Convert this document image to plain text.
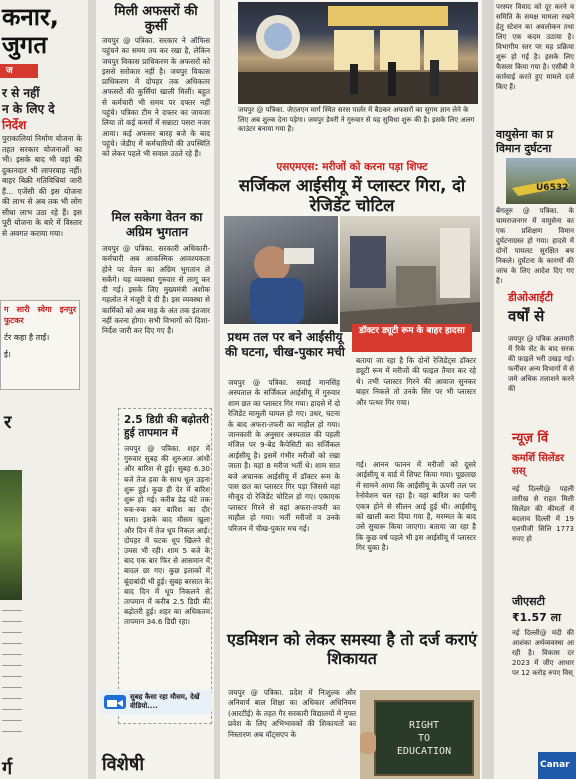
कनार,
जुगत
ज
र से नहीं
न के लिए दे
निर्देश
पुराकालियां निर्माण योजना के तहत सरकार योजनाओं का भी। इसके बाद भी वहां की दुकानदार भी लापरवाह नहीं। बाहर बिक्री गतिविधियां जारी हैं... एजेंसी की इस योजना की लाभ से अब तक भी लोग सीधा लाभ उठा रहे हैं। इस पूरी योजना के बारे में विस्तार से अवगत कराया गया।
ग सारी स्वेगा इनपुर फुटकर
र्टर कहा है ताईं।
ई।
र
र्ग
मिली अफसरों की कुर्सी
जयपुर @ पत्रिका. सरकार ने ऑफिस पहुंचने का समय तय कर रखा है, लेकिन जयपुर विकास प्राधिकरण के अफसरों को इससे सरोकार नहीं है। जयपुर विकास प्राधिकरण में दोपहर तक अधिकतर अफसरों की कुर्सियां खाली मिलीं। बहुत से कर्मचारी भी समय पर दफ्तर नहीं पहुंचे। पत्रिका टीम ने दफ्तर का जायजा लिया तो कई कमरों में सन्नाटा पसरा नजर आया। कई अफसर बारह बजे के बाद पहुंचे। जेडीए में कर्मचारियों की उपस्थिति को लेकर पहले भी सवाल उठते रहे हैं।
मिल सकेगा वेतन का अग्रिम भुगतान
जयपुर @ पत्रिका. सरकारी अधिकारी-कर्मचारी अब आकस्मिक आवश्यकता होने पर वेतन का अग्रिम भुगतान ले सकेंगे। यह व्यवस्था गुरुवार से लागू कर दी गई। इसके लिए मुख्यमंत्री अशोक गहलोत ने मंजूरी दे दी है। इस व्यवस्था से कार्मिकों को अब माह के अंत तक इंतजार नहीं करना होगा। सभी विभागों को दिशा-निर्देश जारी कर दिए गए हैं।
2.5 डिग्री की बढ़ोतरी हुई तापमान में
जयपुर @ पत्रिका. शहर में गुरुवार सुबह की शुरुआत आंधी और बारिश से हुई। सुबह 6.30 बजे तेज हवा के साथ धूल उड़ना शुरू हुई। कुछ ही देर में बारिश शुरू हो गई। करीब डेढ़ घंटे तक रुक-रुक कर बारिश का दौर चला। इसके बाद मौसम खुला और दिन में तेज धूप निकल आई। दोपहर में चटक धूप खिलने से उमस भी रही। शाम 5 बजे के बाद एक बार फिर से आसमान में बादल छा गए। कुछ इलाकों में बूंदाबांदी भी हुई। सुबह बरसात के बाद दिन में धूप निकलने से तापमान में करीब 2.5 डिग्री की बढ़ोतरी हुई। शहर का अधिकतम तापमान 34.6 डिग्री रहा।
सुबह कैसा रहा मौसम, देखें वीडियो....
विशेषी
जयपुर @ पत्रिका. जेएलएन मार्ग स्थित सरस पार्लर में बैठकर अफसरों का सुगम ज्ञान लेने के लिए अब शुल्क देना पड़ेगा। जयपुर डेयरी ने गुरुवार से यह सुविधा शुरू की है। इसके लिए अलग काउंटर बनाया गया है।
एसएमएस: मरीजों को करना पड़ा शिफ्ट
सर्जिकल आईसीयू में प्लास्टर गिरा, दो रेजिडेंट चोटिल
डॉक्टर ड्यूटी रूम के बाहर हादसा
प्रथम तल पर बने आईसीयू की घटना, चीख-पुकार मची
जयपुर @ पत्रिका. सवाई मानसिंह अस्पताल के सर्जिकल आईसीयू में गुरुवार शाम छत का प्लास्टर गिर गया। हादसे में दो रेजिडेंट मामूली घायल हो गए। उधर, घटना के बाद अफरा-तफरी का माहौल हो गया। जानकारी के अनुसार अस्पताल की पहली मंजिल पर 9-बेड कैपेसिटी का सर्जिकल आईसीयू है। इसमें गंभीर मरीजों को रखा जाता है। यहां 8 मरीज भर्ती थे। शाम सात बजे अचानक आईसीयू में डॉक्टर रूम के पास छत का प्लास्टर गिर पड़ा जिससे वहां मौजूद दो रेजिडेंट चोटिल हो गए। एकाएक प्लास्टर गिरने से वहां अफरा-तफरी का माहौल हो गया। भर्ती मरीजों व उनके परिजन में चीख-पुकार मच गई।
बताया जा रहा है कि दोनों रेजिडेंट्स डॉक्टर ड्यूटी रूम में मरीजों की फाइल तैयार कर रहे थे। तभी प्लास्टर गिरने की आवाज सुनकर बाहर निकले तो उनके सिर पर भी प्लास्टर और पत्थर गिर गया।
गई। आनन फानन में मरीजों को दूसरे आईसीयू व वार्ड में शिफ्ट किया गया। पूछताछ में सामने आया कि आईसीयू के ऊपरी तल पर रेनोवेशन चल रहा है। वहां बारिश का पानी एकत्र होने से सीलन आई हुई थी। आईसीयू को खाली करा दिया गया है, मरम्मत के बाद उसे सुचारू किया जाएगा। बताया जा रहा है कि कुछ वर्ष पहले भी इस आईसीयू में प्लास्टर गिर चुका है।
एडमिशन को लेकर समस्या है तो दर्ज कराएं शिकायत
जयपुर @ पत्रिका. प्रदेश में निःशुल्क और अनिवार्य बाल शिक्षा का अधिकार अधिनियम (आरटीई) के तहत गैर सरकारी विद्यालयों में मुफ्त प्रवेश के लिए अभिभावकों की शिकायतों का निस्तारण अब वॉट्सएप के
RIGHT
TO
EDUCATION
परस्पर विवाद को दूर करने व समिति के समक्ष मामला रखने हेतु स्टेशन का अवलोकन तथा लिए एक कदम उठाया है। विभागीय स्तर पर यह प्रक्रिया शुरू हो गई है। इसके लिए फैसला किया गया है। एसीबी ने कार्रवाई करते हुए मामले दर्ज किए हैं।
वायुसेना का प्र विमान दुर्घटना
U6532
बेंगलूरु @ पत्रिका. के चामराजनगर में वायुसेना का एक प्रशिक्षण विमान दुर्घटनाग्रस्त हो गया। हादसे में दोनों पायलट सुरक्षित बच निकले। दुर्घटना के कारणों की जांच के लिए आदेश दिए गए हैं।
डीओआईटी
वर्षों से
जयपुर @ पत्रिक अलमारी में रिके सेंट के बाद सरक की फ़ाइलें भरी उखड़ गई। फर्नीचर अन्य विभागों में से जमे अधिक तलाशने करने की
न्यूज़ विं
कमर्शि सिलेंडर सस्
नई दिल्ली@ पहली तारीख से राहत मिली सिलेंडर की कीमतों में बदलाव दिल्ली में 19 एलपीजी सिलि 1773 रुपए हो
जीएसटी
₹1.57 ला
नई दिल्ली@ मंदी की आशंका अर्थव्यवस्था आ रही है। विकास दर 2023 में जीए आधार पर 12 करोड़ रुपए विस्
Canar
